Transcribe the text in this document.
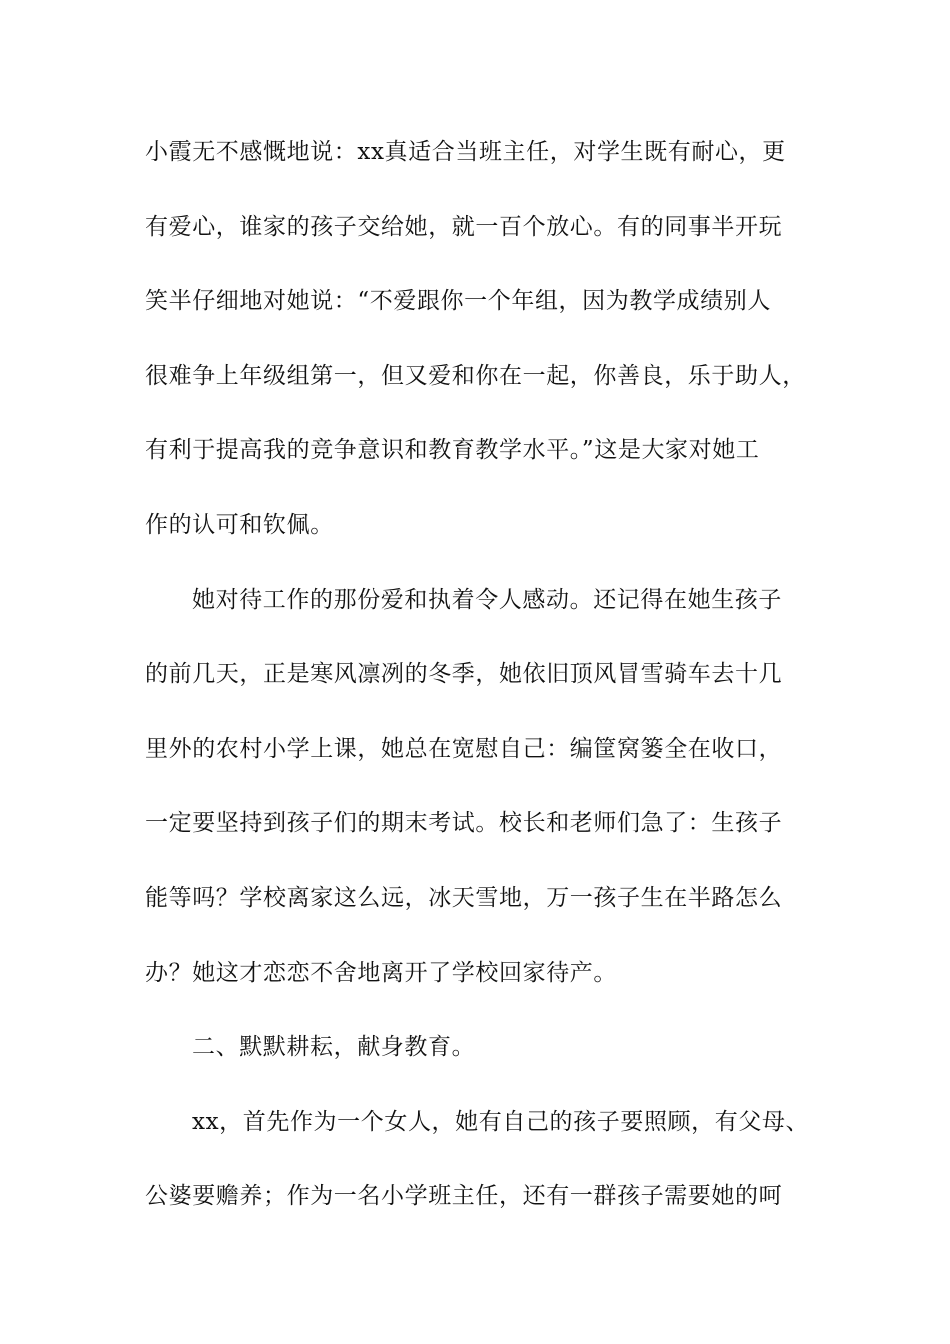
小霞无不感慨地说：xx真适合当班主任，对学生既有耐心，更
有爱心，谁家的孩子交给她，就一百个放心。有的同事半开玩
笑半仔细地对她说：“不爱跟你一个年组，因为教学成绩别人
很难争上年级组第一，但又爱和你在一起，你善良，乐于助人，
有利于提高我的竞争意识和教育教学水平。”这是大家对她工
作的认可和钦佩。
她对待工作的那份爱和执着令人感动。还记得在她生孩子
的前几天，正是寒风凛冽的冬季，她依旧顶风冒雪骑车去十几
里外的农村小学上课，她总在宽慰自己：编筐窝篓全在收口，
一定要坚持到孩子们的期末考试。校长和老师们急了：生孩子
能等吗？学校离家这么远，冰天雪地，万一孩子生在半路怎么
办？她这才恋恋不舍地离开了学校回家待产。
二、默默耕耘，献身教育。
xx，首先作为一个女人，她有自己的孩子要照顾，有父母、
公婆要赡养；作为一名小学班主任，还有一群孩子需要她的呵
